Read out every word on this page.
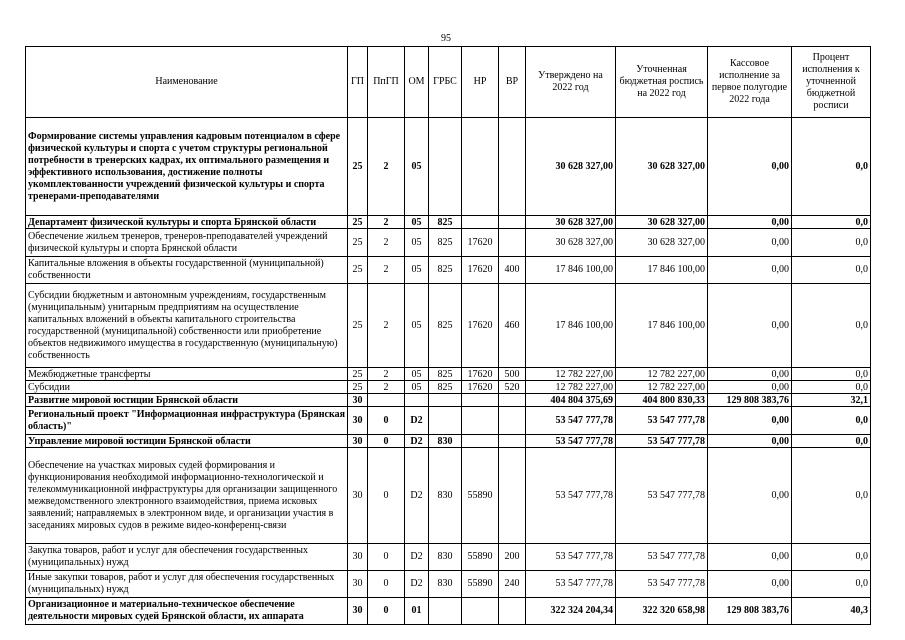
95
Наименование	ГП	ПпГП	ОМ	ГРБС	НР	ВР	Утверждено на 2022 год	Уточненная бюджетная роспись на 2022 год	Кассовое исполнение за первое полугодие 2022 года	Процент исполнения к уточненной бюджетной росписи
Формирование системы управления кадровым потенциалом в сфере физической культуры и спорта с учетом структуры региональной потребности в тренерских кадрах, их оптимального размещения и эффективного использования, достижение полноты укомплектованности учреждений физической культуры и спорта тренерами-преподавателями	25	2	05				30 628 327,00	30 628 327,00	0,00	0,0
Департамент физической культуры и спорта Брянской области	25	2	05	825			30 628 327,00	30 628 327,00	0,00	0,0
Обеспечение жильем тренеров, тренеров-преподавателей учреждений физической культуры и спорта Брянской области	25	2	05	825	17620		30 628 327,00	30 628 327,00	0,00	0,0
Капитальные вложения в объекты государственной (муниципальной) собственности	25	2	05	825	17620	400	17 846 100,00	17 846 100,00	0,00	0,0
Субсидии бюджетным и автономным учреждениям, государственным (муниципальным) унитарным предприятиям на осуществление капитальных вложений в объекты капитального строительства государственной (муниципальной) собственности или приобретение объектов недвижимого имущества в государственную (муниципальную) собственность	25	2	05	825	17620	460	17 846 100,00	17 846 100,00	0,00	0,0
Межбюджетные трансферты	25	2	05	825	17620	500	12 782 227,00	12 782 227,00	0,00	0,0
Субсидии	25	2	05	825	17620	520	12 782 227,00	12 782 227,00	0,00	0,0
Развитие мировой юстиции Брянской области	30						404 804 375,69	404 800 830,33	129 808 383,76	32,1
Региональный проект "Информационная инфраструктура (Брянская область)"	30	0	D2				53 547 777,78	53 547 777,78	0,00	0,0
Управление мировой юстиции Брянской области	30	0	D2	830			53 547 777,78	53 547 777,78	0,00	0,0
Обеспечение на участках мировых судей формирования и функционирования необходимой информационно-технологической и телекоммуникационной инфраструктуры для организации защищенного межведомственного электронного взаимодействия, приема исковых заявлений; направляемых в электронном виде, и организации участия в заседаниях мировых судов в режиме видео-конференц-связи	30	0	D2	830	55890		53 547 777,78	53 547 777,78	0,00	0,0
Закупка товаров, работ и услуг для обеспечения государственных (муниципальных) нужд	30	0	D2	830	55890	200	53 547 777,78	53 547 777,78	0,00	0,0
Иные закупки товаров, работ и услуг для обеспечения государственных (муниципальных) нужд	30	0	D2	830	55890	240	53 547 777,78	53 547 777,78	0,00	0,0
Организационное и материально-техническое обеспечение деятельности мировых судей Брянской области, их аппарата	30	0	01				322 324 204,34	322 320 658,98	129 808 383,76	40,3
